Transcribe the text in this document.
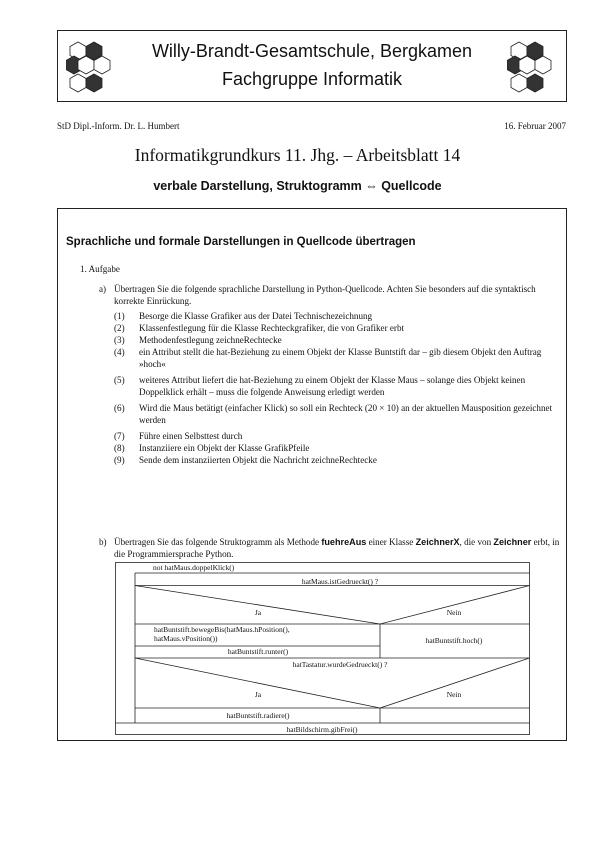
Willy-Brandt-Gesamtschule, Bergkamen
Fachgruppe Informatik
StD Dipl.-Inform. Dr. L. Humbert	16. Februar 2007
Informatikgrundkurs 11. Jhg. – Arbeitsblatt 14
verbale Darstellung, Struktogramm ⇔ Quellcode
Sprachliche und formale Darstellungen in Quellcode übertragen
1. Aufgabe
a) Übertragen Sie die folgende sprachliche Darstellung in Python-Quellcode. Achten Sie besonders auf die syntaktisch korrekte Einrückung.
(1)	Besorge die Klasse Grafiker aus der Datei Technischezeichnung
(2)	Klassenfestlegung für die Klasse Rechteckgrafiker, die von Grafiker erbt
(3)	Methodenfestlegung zeichneRechtecke
(4)	ein Attribut stellt die hat-Beziehung zu einem Objekt der Klasse Buntstift dar – gib diesem Objekt den Auftrag »hoch«
(5)	weiteres Attribut liefert die hat-Beziehung zu einem Objekt der Klasse Maus – solange dies Objekt keinen Doppelklick erhält – muss die folgende Anweisung erledigt werden
(6)	Wird die Maus betätigt (einfacher Klick) so soll ein Rechteck (20 × 10) an der aktuellen Mausposition gezeichnet werden
(7)	Führe einen Selbsttest durch
(8)	Instanziiere ein Objekt der Klasse GrafikPfeile
(9)	Sende dem instanziierten Objekt die Nachricht zeichneRechtecke
b) Übertragen Sie das folgende Struktogramm als Methode fuehreAus einer Klasse ZeichnerX, die von Zeichner erbt, in die Programmiersprache Python.
not hatMaus.doppelKlick()
hatMaus.istGedrueckt() ?
Ja	Nein
hatBuntstift.bewegeBis(hatMaus.hPosition(),
hatMaus.vPosition())
hatBuntstift.runter()
hatBuntstift.hoch()
hatTastatur.wurdeGedrueckt() ?
Ja	Nein
hatBuntstift.radiere()
hatBildschirm.gibFrei()
